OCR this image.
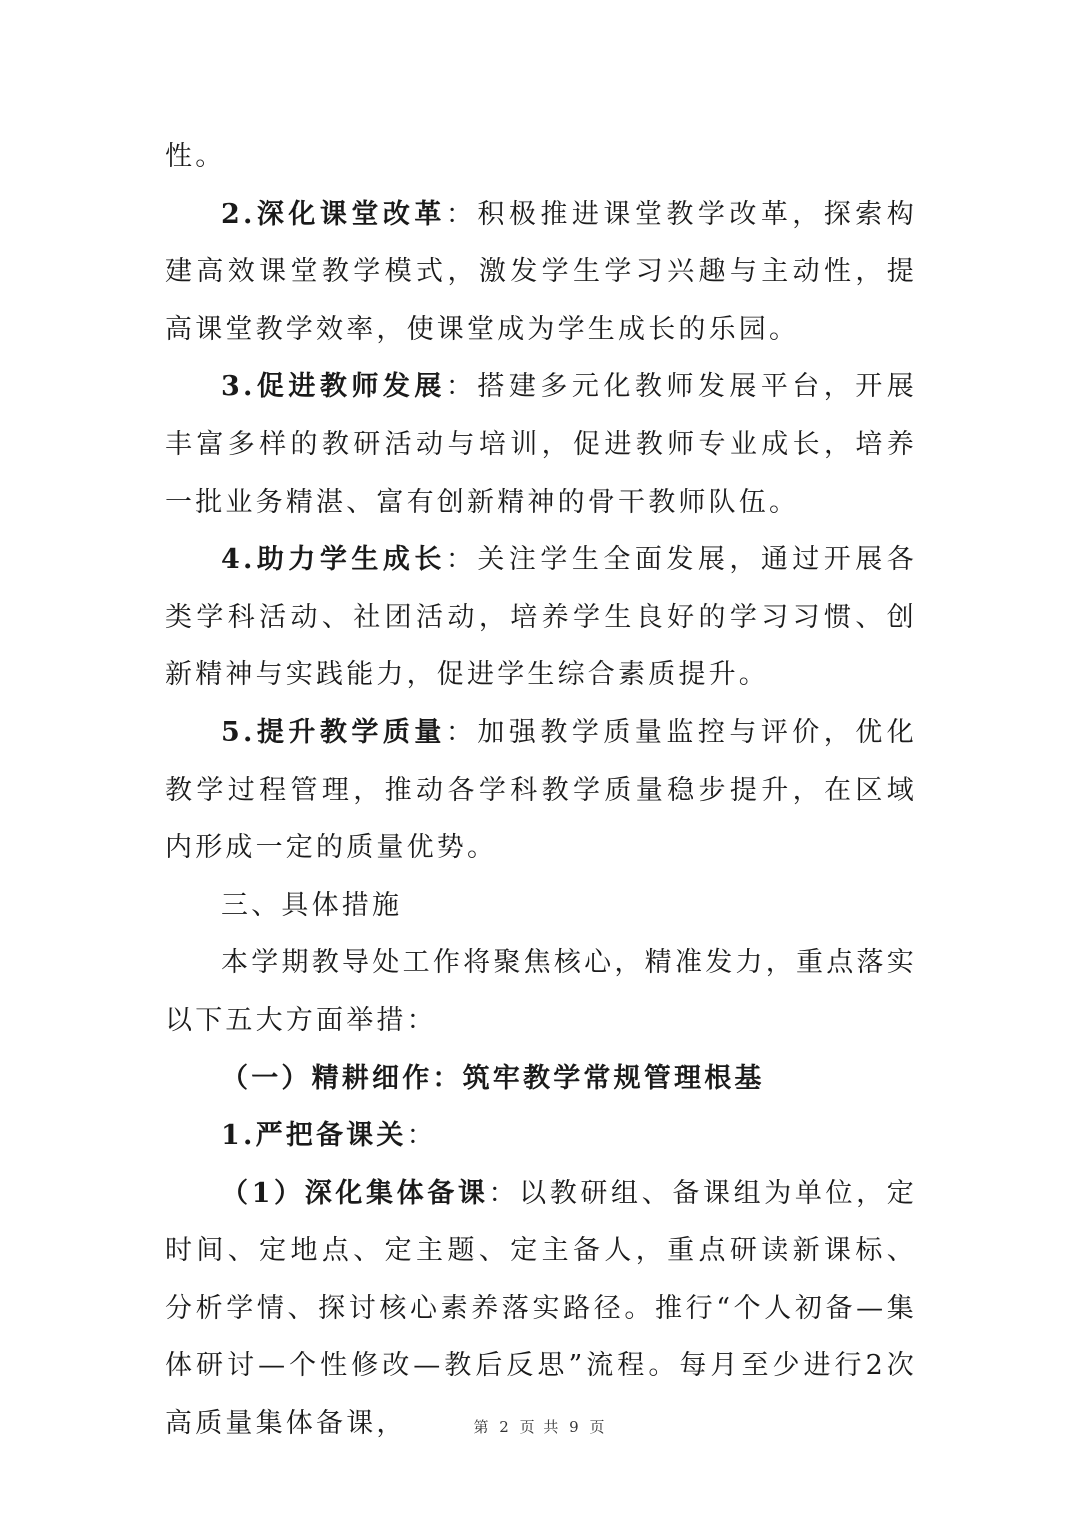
性。

2.深化课堂改革：积极推进课堂教学改革，探索构建高效课堂教学模式，激发学生学习兴趣与主动性，提高课堂教学效率，使课堂成为学生成长的乐园。

3.促进教师发展：搭建多元化教师发展平台，开展丰富多样的教研活动与培训，促进教师专业成长，培养一批业务精湛、富有创新精神的骨干教师队伍。

4.助力学生成长：关注学生全面发展，通过开展各类学科活动、社团活动，培养学生良好的学习习惯、创新精神与实践能力，促进学生综合素质提升。

5.提升教学质量：加强教学质量监控与评价，优化教学过程管理，推动各学科教学质量稳步提升，在区域内形成一定的质量优势。

三、具体措施

本学期教导处工作将聚焦核心，精准发力，重点落实以下五大方面举措：

（一）精耕细作：筑牢教学常规管理根基

1.严把备课关：

（1）深化集体备课：以教研组、备课组为单位，定时间、定地点、定主题、定主备人，重点研读新课标、分析学情、探讨核心素养落实路径。推行“个人初备—集体研讨—个性修改—教后反思”流程。每月至少进行2次高质量集体备课，	第 2 页 共 9 页
